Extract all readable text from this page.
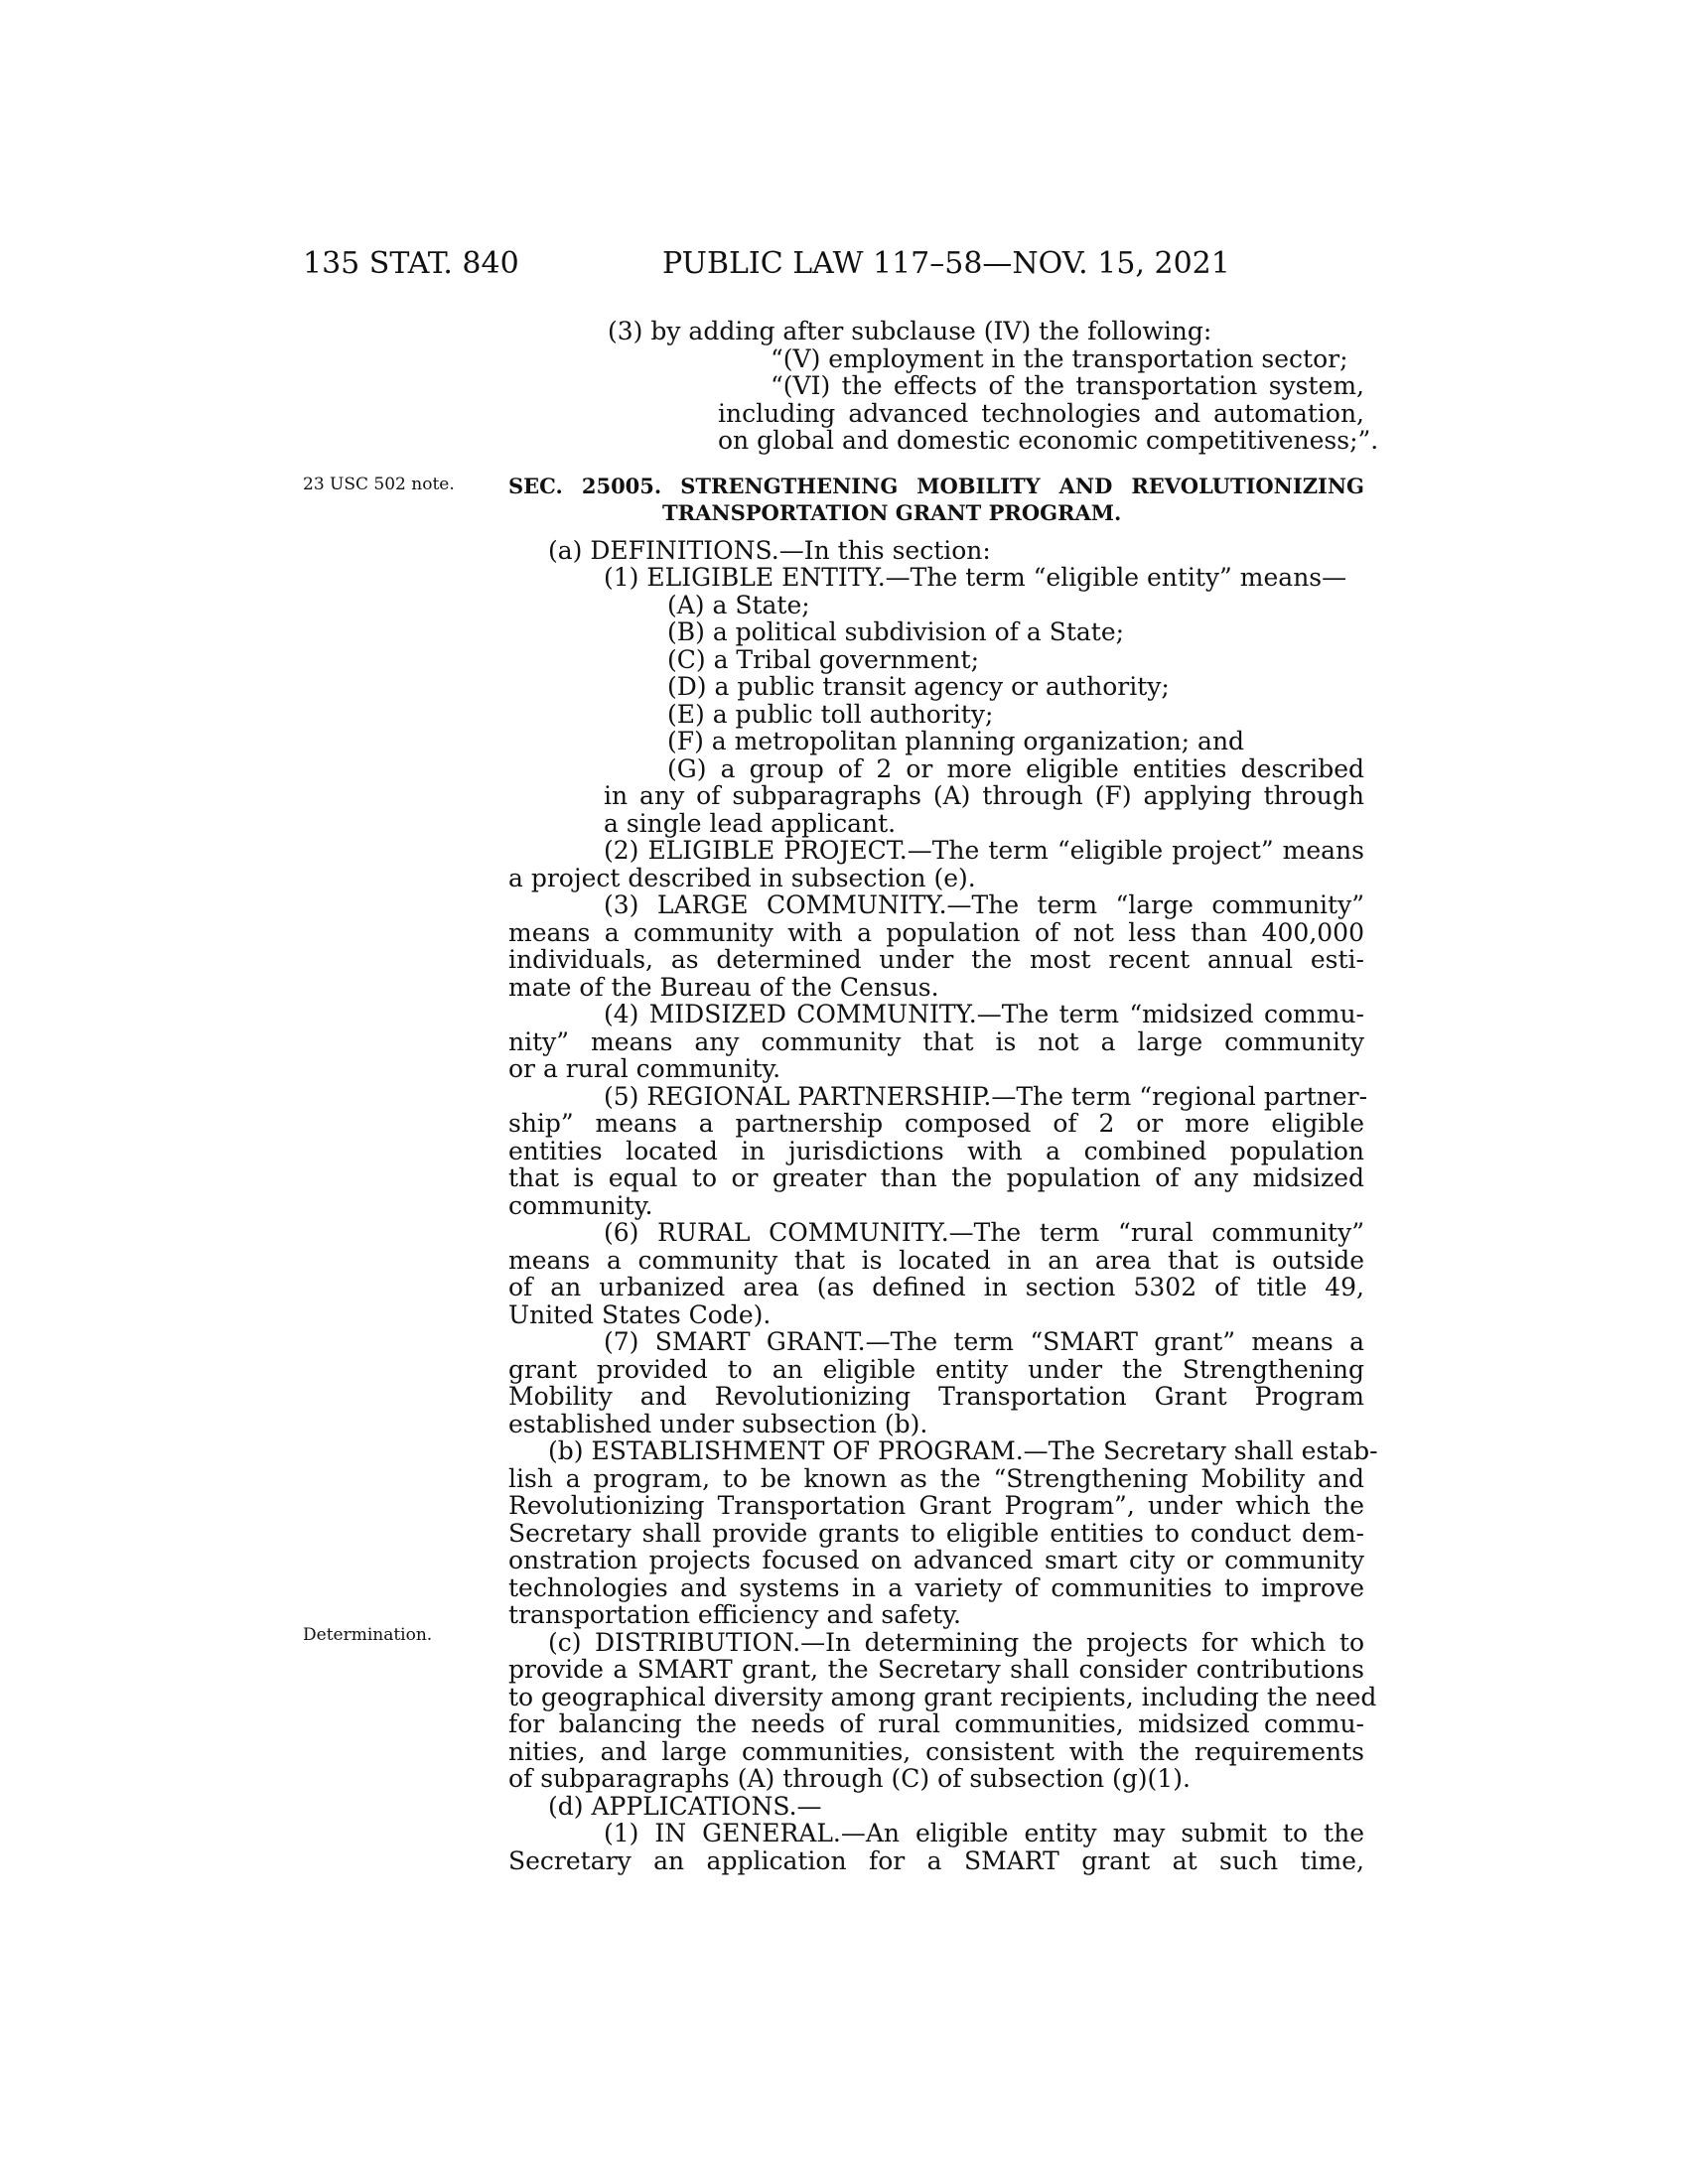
135 STAT. 840	PUBLIC LAW 117–58—NOV. 15, 2021
23 USC 502 note.
Determination.
(3) by adding after subclause (IV) the following:
“(V) employment in the transportation sector;
“(VI) the effects of the transportation system,
including advanced technologies and automation,
on global and domestic economic competitiveness;”.
SEC. 25005. STRENGTHENING MOBILITY AND REVOLUTIONIZING
TRANSPORTATION GRANT PROGRAM.
(a) DEFINITIONS.—In this section:
(1) ELIGIBLE ENTITY.—The term “eligible entity” means—
(A) a State;
(B) a political subdivision of a State;
(C) a Tribal government;
(D) a public transit agency or authority;
(E) a public toll authority;
(F) a metropolitan planning organization; and
(G) a group of 2 or more eligible entities described
in any of subparagraphs (A) through (F) applying through
a single lead applicant.
(2) ELIGIBLE PROJECT.—The term “eligible project” means
a project described in subsection (e).
(3) LARGE COMMUNITY.—The term “large community”
means a community with a population of not less than 400,000
individuals, as determined under the most recent annual esti-
mate of the Bureau of the Census.
(4) MIDSIZED COMMUNITY.—The term “midsized commu-
nity” means any community that is not a large community
or a rural community.
(5) REGIONAL PARTNERSHIP.—The term “regional partner-
ship” means a partnership composed of 2 or more eligible
entities located in jurisdictions with a combined population
that is equal to or greater than the population of any midsized
community.
(6) RURAL COMMUNITY.—The term “rural community”
means a community that is located in an area that is outside
of an urbanized area (as defined in section 5302 of title 49,
United States Code).
(7) SMART GRANT.—The term “SMART grant” means a
grant provided to an eligible entity under the Strengthening
Mobility and Revolutionizing Transportation Grant Program
established under subsection (b).
(b) ESTABLISHMENT OF PROGRAM.—The Secretary shall estab-
lish a program, to be known as the “Strengthening Mobility and
Revolutionizing Transportation Grant Program”, under which the
Secretary shall provide grants to eligible entities to conduct dem-
onstration projects focused on advanced smart city or community
technologies and systems in a variety of communities to improve
transportation efficiency and safety.
(c) DISTRIBUTION.—In determining the projects for which to
provide a SMART grant, the Secretary shall consider contributions
to geographical diversity among grant recipients, including the need
for balancing the needs of rural communities, midsized commu-
nities, and large communities, consistent with the requirements
of subparagraphs (A) through (C) of subsection (g)(1).
(d) APPLICATIONS.—
(1) IN GENERAL.—An eligible entity may submit to the
Secretary an application for a SMART grant at such time,
